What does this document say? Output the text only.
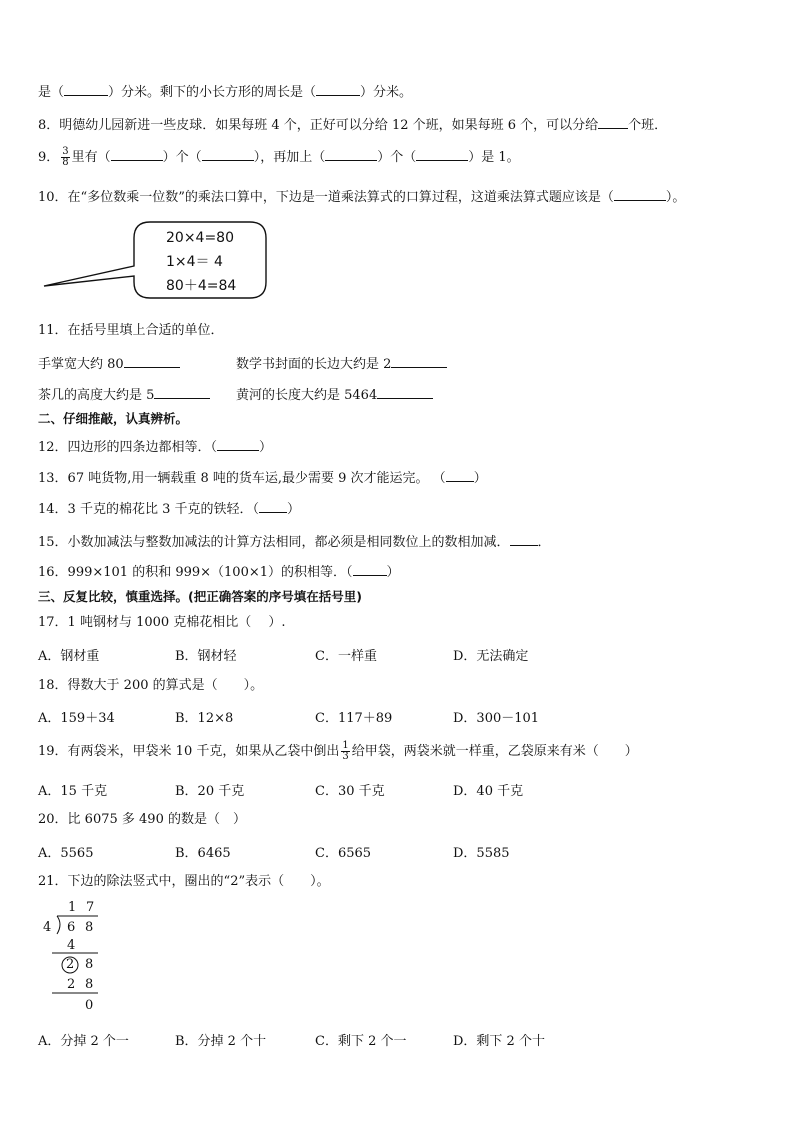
是（	）分米。剩下的小长方形的周长是（	）分米。
8．明德幼儿园新进一些皮球．如果每班 4 个，正好可以分给 12 个班，如果每班 6 个，可以分给 个班．
9． $\frac{3}{8}$ 里有（	）个（	），再加上（	）个（	）是 1。
10．在“多位数乘一位数”的乘法口算中，下边是一道乘法算式的口算过程，这道乘法算式题应该是（	）。
20×4=80
1×4＝ 4
80＋4=84
11．在括号里填上合适的单位．
手掌宽大约 80	数学书封面的长边大约是 2
茶几的高度大约是 5	黄河的长度大约是 5464
二、仔细推敲，认真辨析。
12．四边形的四条边都相等．（	）
13．67 吨货物,用一辆载重 8 吨的货车运,最少需要 9 次才能运完。 （ ）
14．3 千克的棉花比 3 千克的铁轻．（ ）
15．小数加减法与整数加减法的计算方法相同，都必须是相同数位上的数相加减． ．
16．999×101 的积和 999×（100×1）的积相等．（	）
三、反复比较，慎重选择。(把正确答案的序号填在括号里)
17．1 吨钢材与 1000 克棉花相比（　 ）.
A．钢材重	B．钢材轻	C．一样重	D．无法确定
18．得数大于 200 的算式是（　　）。
A．159＋34	B．12×8	C．117＋89	D．300－101
19．有两袋米，甲袋米 10 千克，如果从乙袋中倒出 $\frac{1}{3}$ 给甲袋，两袋米就一样重，乙袋原来有米（　　）
A．15 千克	B．20 千克	C．30 千克	D．40 千克
20．比 6075 多 490 的数是（　）
A．5565	B．6465	C．6565	D．5585
21．下边的除法竖式中，圈出的“2”表示（　　）。
1 7
4 6 8
4
2 8
2 8
0
A．分掉 2 个一	B．分掉 2 个十	C．剩下 2 个一	D．剩下 2 个十
